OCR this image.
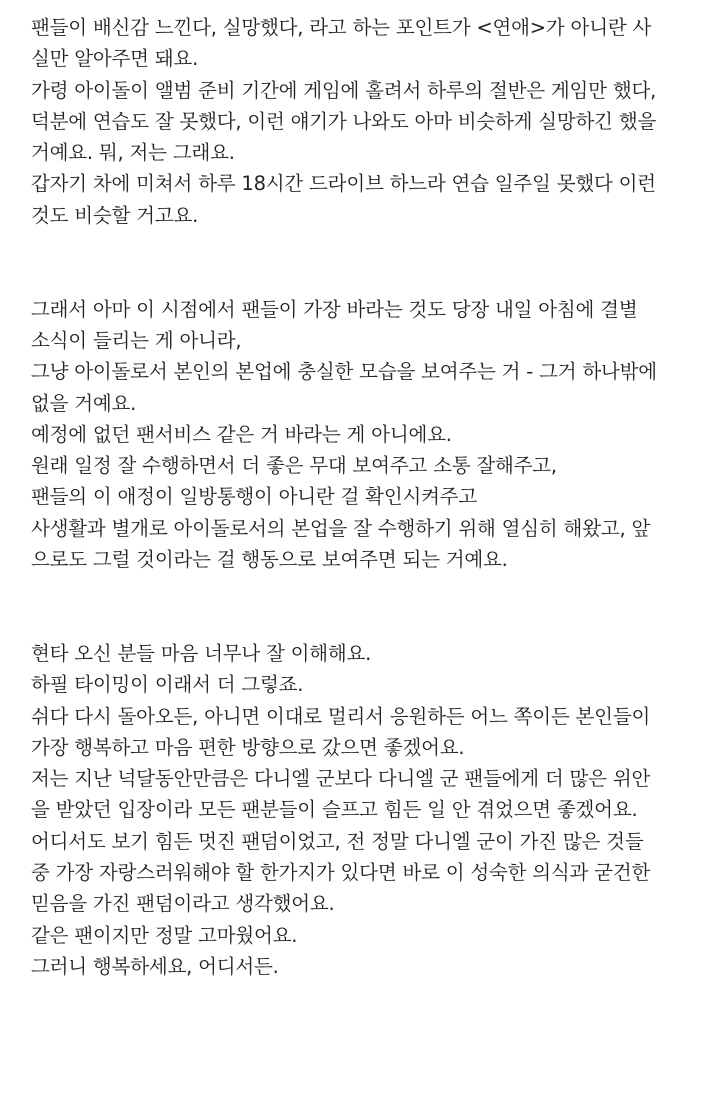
팬들이 배신감 느낀다, 실망했다, 라고 하는 포인트가 <연애>가 아니란 사
실만 알아주면 돼요.
가령 아이돌이 앨범 준비 기간에 게임에 홀려서 하루의 절반은 게임만 했다,
덕분에 연습도 잘 못했다, 이런 얘기가 나와도 아마 비슷하게 실망하긴 했을
거예요. 뭐, 저는 그래요.
갑자기 차에 미쳐서 하루 18시간 드라이브 하느라 연습 일주일 못했다 이런
것도 비슷할 거고요.
그래서 아마 이 시점에서 팬들이 가장 바라는 것도 당장 내일 아침에 결별
소식이 들리는 게 아니라,
그냥 아이돌로서 본인의 본업에 충실한 모습을 보여주는 거 - 그거 하나밖에
없을 거예요.
예정에 없던 팬서비스 같은 거 바라는 게 아니에요.
원래 일정 잘 수행하면서 더 좋은 무대 보여주고 소통 잘해주고,
팬들의 이 애정이 일방통행이 아니란 걸 확인시켜주고
사생활과 별개로 아이돌로서의 본업을 잘 수행하기 위해 열심히 해왔고, 앞
으로도 그럴 것이라는 걸 행동으로 보여주면 되는 거예요.
현타 오신 분들 마음 너무나 잘 이해해요.
하필 타이밍이 이래서 더 그렇죠.
쉬다 다시 돌아오든, 아니면 이대로 멀리서 응원하든 어느 쪽이든 본인들이
가장 행복하고 마음 편한 방향으로 갔으면 좋겠어요.
저는 지난 넉달동안만큼은 다니엘 군보다 다니엘 군 팬들에게 더 많은 위안
을 받았던 입장이라 모든 팬분들이 슬프고 힘든 일 안 겪었으면 좋겠어요.
어디서도 보기 힘든 멋진 팬덤이었고, 전 정말 다니엘 군이 가진 많은 것들
중 가장 자랑스러워해야 할 한가지가 있다면 바로 이 성숙한 의식과 굳건한
믿음을 가진 팬덤이라고 생각했어요.
같은 팬이지만 정말 고마웠어요.
그러니 행복하세요, 어디서든.
